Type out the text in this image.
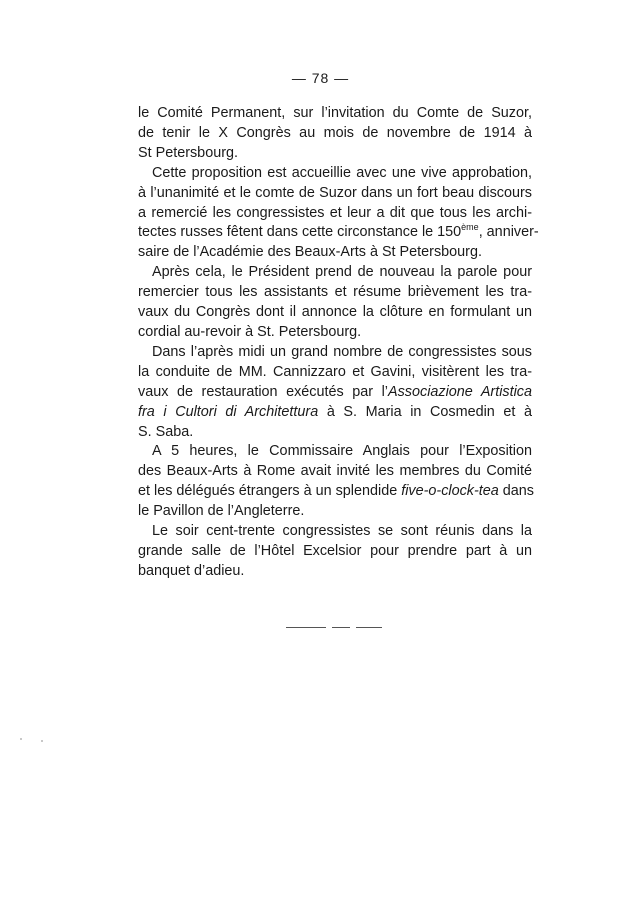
— 78 —

le Comité Permanent, sur l’invitation du Comte de Suzor,
de tenir le X Congrès au mois de novembre de 1914 à
St Petersbourg.

Cette proposition est accueillie avec une vive approbation,
à l’unanimité et le comte de Suzor dans un fort beau discours
a remercié les congressistes et leur a dit que tous les archi-
tectes russes fêtent dans cette circonstance le 150ème, anniver-
saire de l’Académie des Beaux-Arts à St Petersbourg.

Après cela, le Président prend de nouveau la parole pour
remercier tous les assistants et résume brièvement les tra-
vaux du Congrès dont il annonce la clôture en formulant un
cordial au-revoir à St. Petersbourg.

Dans l’après midi un grand nombre de congressistes sous
la conduite de MM. Cannizzaro et Gavini, visitèrent les tra-
vaux de restauration exécutés par l’Associazione Artistica
fra i Cultori di Architettura à S. Maria in Cosmedin et à
S. Saba.

A 5 heures, le Commissaire Anglais pour l’Exposition
des Beaux-Arts à Rome avait invité les membres du Comité
et les délégués étrangers à un splendide five-o-clock-tea dans
le Pavillon de l’Angleterre.

Le soir cent-trente congressistes se sont réunis dans la
grande salle de l’Hôtel Excelsior pour prendre part à un
banquet d’adieu.
